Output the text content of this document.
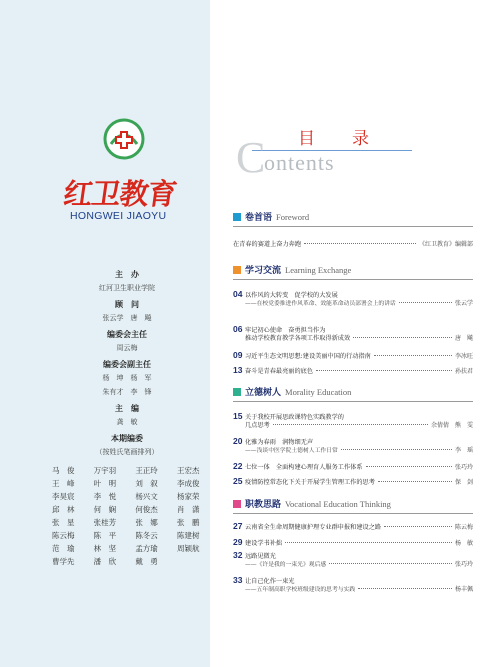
红卫教育
HONGWEI JIAOYU
主　办
红河卫生职业学院
顾　问
张云学　唐　飚
编委会主任
周云梅
编委会副主任
杨　坤　杨　军
朱有才　李　锋
主　编
龚　敏
本期编委
（按姓氏笔画排列）
马　俊	万宇羽	王正玲	王宏杰
王　峰	叶　明	刘　叙	李成俊
李昊宸	李　悦	杨兴文	杨家荣
邱　林	何　娴	何俊杰	肖　潇
张　星	张桂芳	张　娜	张　鹏
陈云梅	陈　平	陈冬云	陈建树
范　瑜	林　坚	孟方瑜	周颖航
曹学先	潘　欣	戴　勇
目　录
C
ontents
卷首语 Foreword
在青春的赛道上奋力奔跑	《红卫教育》编辑部
学习交流 Learning Exchange
04 以作风的大转变　促学校的大发展
——在校党委推进作风革命、效能革命动员部署会上的讲话	张云学
06 牢记初心使命　奋勇担当作为
推动学校教育教学各项工作取得新成效	唐　飚
09 习近平生态文明思想:建设美丽中国的行动指南	李冰旺
13 奋斗是青春最亮丽的底色	孙扶君
立德树人 Morality Education
15 关于我校开展思政课特色实践教学的
几点思考	余倩倩　熊　雯
20 化雅为春雨　润物细无声
——浅谈中医学院土德树人工作日常	李　瑶
22 七位一体　全面构建心理育人服务工作体系	张巧玲
25 疫情防控常态化下关于开展学生管理工作的思考	保　剑
职教思路 Vocational Education Thinking
27 云南省全生命周期健康护理专业群申报和建设之路	陈云梅
29 建设学书补拙	杨　敏
32 远路见微光
——《许是我的一束光》观后感	张巧玲
33 让自己化作一束光
——五年制高职学校班级建设的思考与实践	杨丰佩
